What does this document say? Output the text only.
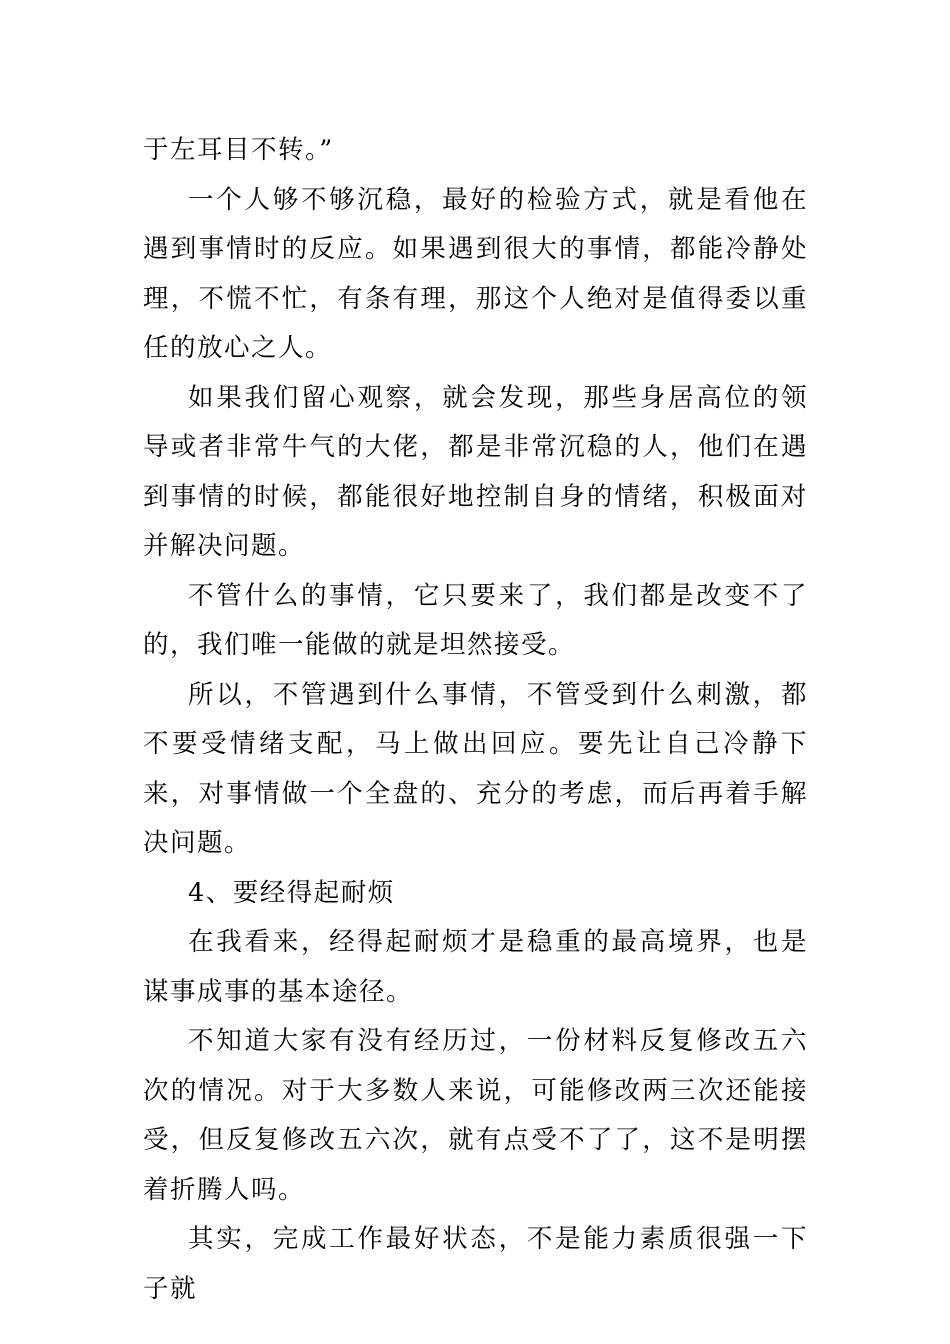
于左耳目不转。”

一个人够不够沉稳，最好的检验方式，就是看他在遇到事情时的反应。如果遇到很大的事情，都能冷静处理，不慌不忙，有条有理，那这个人绝对是值得委以重任的放心之人。

如果我们留心观察，就会发现，那些身居高位的领导或者非常牛气的大佬，都是非常沉稳的人，他们在遇到事情的时候，都能很好地控制自身的情绪，积极面对并解决问题。

不管什么的事情，它只要来了，我们都是改变不了的，我们唯一能做的就是坦然接受。

所以，不管遇到什么事情，不管受到什么刺激，都不要受情绪支配，马上做出回应。要先让自己冷静下来，对事情做一个全盘的、充分的考虑，而后再着手解决问题。

4、要经得起耐烦

在我看来，经得起耐烦才是稳重的最高境界，也是谋事成事的基本途径。

不知道大家有没有经历过，一份材料反复修改五六次的情况。对于大多数人来说，可能修改两三次还能接受，但反复修改五六次，就有点受不了了，这不是明摆着折腾人吗。

其实，完成工作最好状态，不是能力素质很强一下子就
